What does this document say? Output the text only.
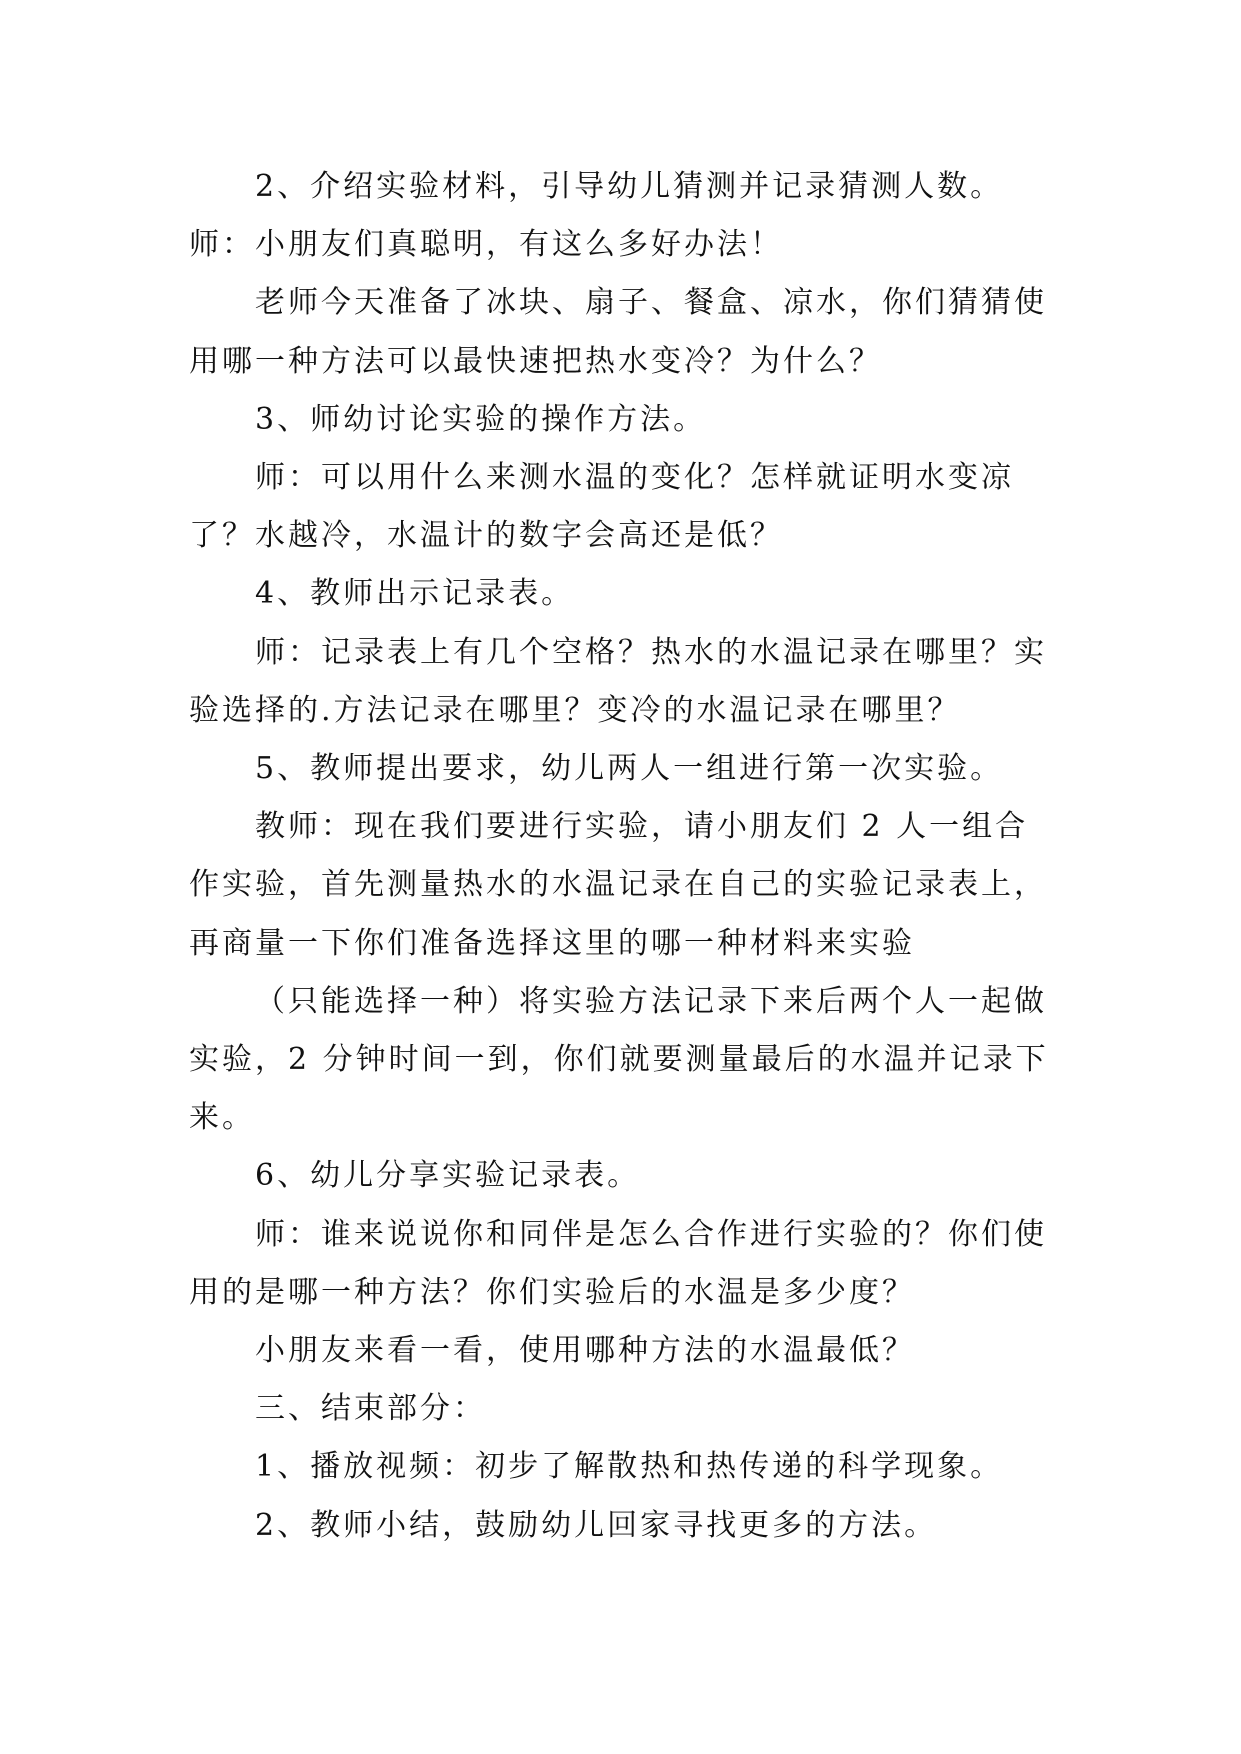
2、介绍实验材料，引导幼儿猜测并记录猜测人数。师：小朋友们真聪明，有这么多好办法！

老师今天准备了冰块、扇子、餐盒、凉水，你们猜猜使用哪一种方法可以最快速把热水变冷？为什么？

3、师幼讨论实验的操作方法。

师：可以用什么来测水温的变化？怎样就证明水变凉了？水越冷，水温计的数字会高还是低？

4、教师出示记录表。

师：记录表上有几个空格？热水的水温记录在哪里？实验选择的.方法记录在哪里？变冷的水温记录在哪里？

5、教师提出要求，幼儿两人一组进行第一次实验。

教师：现在我们要进行实验，请小朋友们 2 人一组合作实验，首先测量热水的水温记录在自己的实验记录表上，再商量一下你们准备选择这里的哪一种材料来实验

（只能选择一种）将实验方法记录下来后两个人一起做实验，2 分钟时间一到，你们就要测量最后的水温并记录下来。

6、幼儿分享实验记录表。

师：谁来说说你和同伴是怎么合作进行实验的？你们使用的是哪一种方法？你们实验后的水温是多少度？

小朋友来看一看，使用哪种方法的水温最低？

三、结束部分：

1、播放视频：初步了解散热和热传递的科学现象。

2、教师小结，鼓励幼儿回家寻找更多的方法。
